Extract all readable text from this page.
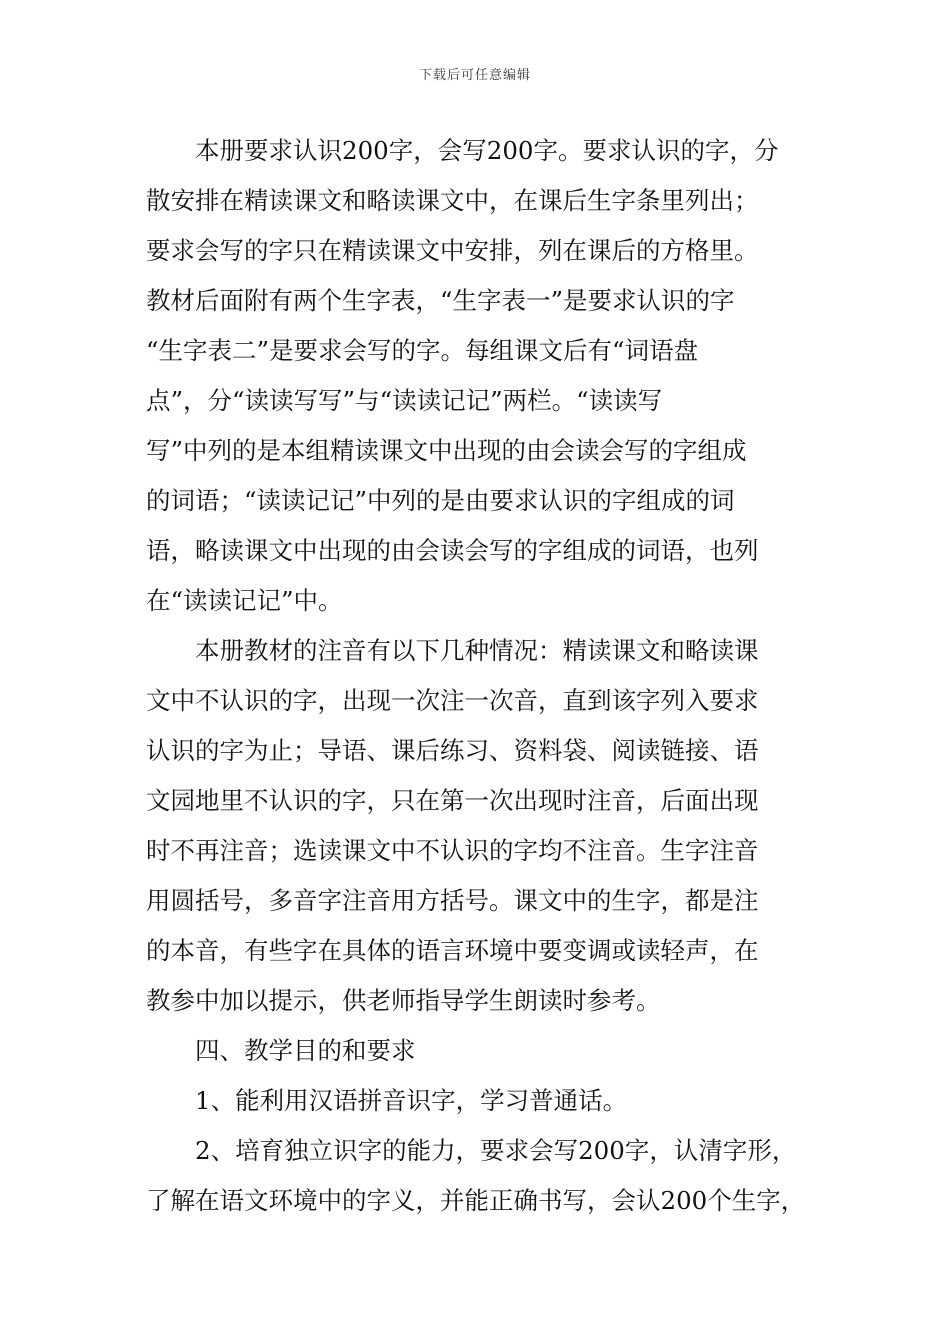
下载后可任意编辑
　　本册要求认识200字，会写200字。要求认识的字，分
散安排在精读课文和略读课文中，在课后生字条里列出；
要求会写的字只在精读课文中安排，列在课后的方格里。
教材后面附有两个生字表，“生字表一”是要求认识的字
“生字表二”是要求会写的字。每组课文后有“词语盘
点”，分“读读写写”与“读读记记”两栏。“读读写
写”中列的是本组精读课文中出现的由会读会写的字组成
的词语；“读读记记”中列的是由要求认识的字组成的词
语，略读课文中出现的由会读会写的字组成的词语，也列
在“读读记记”中。
　　本册教材的注音有以下几种情况：精读课文和略读课
文中不认识的字，出现一次注一次音，直到该字列入要求
认识的字为止；导语、课后练习、资料袋、阅读链接、语
文园地里不认识的字，只在第一次出现时注音，后面出现
时不再注音；选读课文中不认识的字均不注音。生字注音
用圆括号，多音字注音用方括号。课文中的生字，都是注
的本音，有些字在具体的语言环境中要变调或读轻声，在
教参中加以提示，供老师指导学生朗读时参考。
　　四、教学目的和要求
　　1、能利用汉语拼音识字，学习普通话。
　　2、培育独立识字的能力，要求会写200字，认清字形，
了解在语文环境中的字义，并能正确书写，会认200个生字，
